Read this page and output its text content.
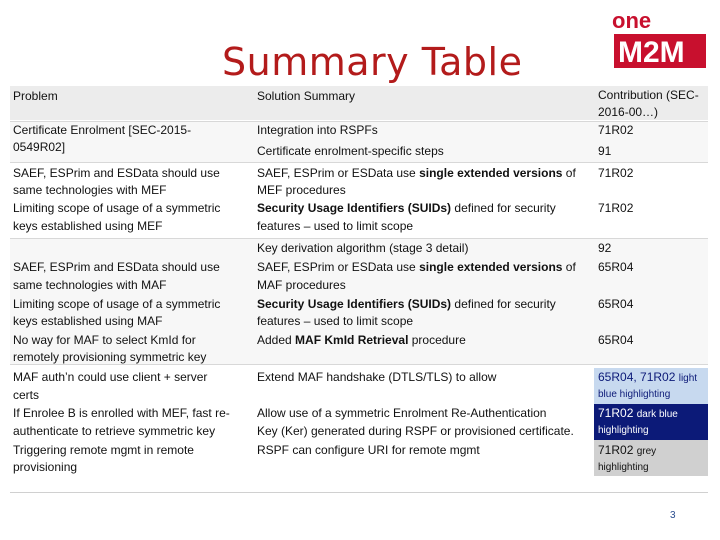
Summary Table
one
M2M
Problem	Solution Summary	Contribution (SEC-
2016-00…)
Certificate Enrolment [SEC-2015-
0549R02]
SAEF, ESPrim and ESData should use
same technologies with MEF
Limiting scope of usage of a symmetric
keys established using MEF
SAEF, ESPrim and ESData should use
same technologies with MAF
Limiting scope of usage of a symmetric
keys established using MAF
No way for MAF to select KmId for
remotely provisioning symmetric key
MAF auth’n could use client + server
certs
If Enrolee B is enrolled with MEF, fast re-
authenticate to retrieve symmetric key
Triggering remote mgmt in remote
provisioning
Integration into RSPFs
Certificate enrolment-specific steps
SAEF, ESPrim or ESData use single extended versions of
MEF procedures
Security Usage Identifiers (SUIDs) defined for security
features – used to limit scope
Key derivation algorithm (stage 3 detail)
SAEF, ESPrim or ESData use single extended versions of
MAF procedures
Security Usage Identifiers (SUIDs) defined for security
features – used to limit scope
Added MAF KmId Retrieval procedure
Extend MAF handshake (DTLS/TLS) to allow
Allow use of a symmetric Enrolment Re-Authentication
Key (Ker) generated during RSPF or provisioned certificate.
RSPF can configure URI for remote mgmt
71R02
91
71R02
71R02
92
65R04
65R04
65R04
65R04, 71R02 light
blue highlighting
71R02 dark blue
highlighting
71R02 grey
highlighting
3
